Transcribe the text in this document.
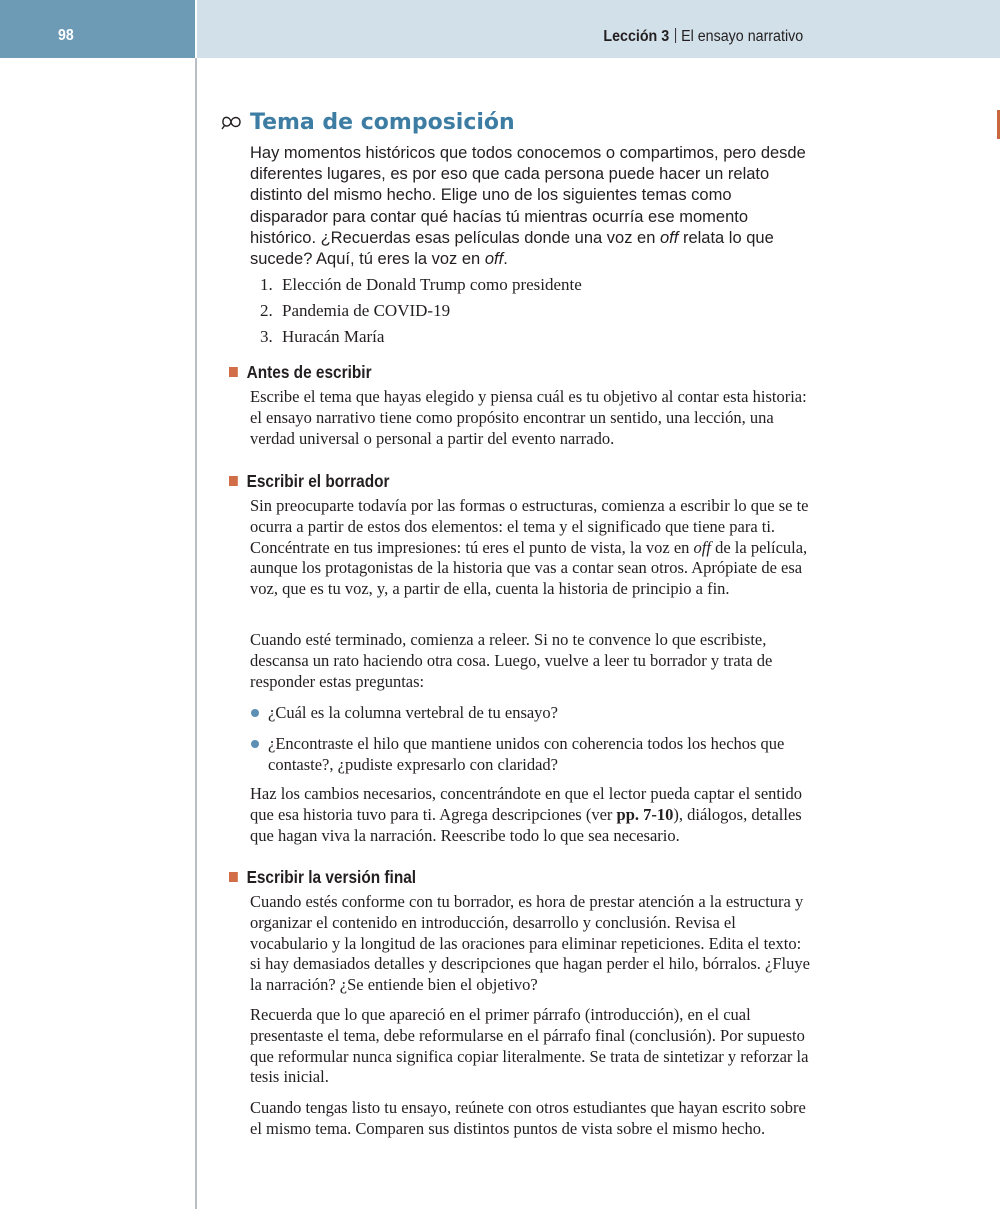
98	Lección 3 El ensayo narrativo
Tema de composición

Hay momentos históricos que todos conocemos o compartimos, pero desde diferentes lugares, es por eso que cada persona puede hacer un relato distinto del mismo hecho. Elige uno de los siguientes temas como disparador para contar qué hacías tú mientras ocurría ese momento histórico. ¿Recuerdas esas películas donde una voz en off relata lo que sucede? Aquí, tú eres la voz en off.

1. Elección de Donald Trump como presidente
2. Pandemia de COVID-19
3. Huracán María
Antes de escribir

Escribe el tema que hayas elegido y piensa cuál es tu objetivo al contar esta historia: el ensayo narrativo tiene como propósito encontrar un sentido, una lección, una verdad universal o personal a partir del evento narrado.

Escribir el borrador

Sin preocuparte todavía por las formas o estructuras, comienza a escribir lo que se te ocurra a partir de estos dos elementos: el tema y el significado que tiene para ti. Concéntrate en tus impresiones: tú eres el punto de vista, la voz en off de la película, aunque los protagonistas de la historia que vas a contar sean otros. Aprópiate de esa voz, que es tu voz, y, a partir de ella, cuenta la historia de principio a fin.

Cuando esté terminado, comienza a releer. Si no te convence lo que escribiste, descansa un rato haciendo otra cosa. Luego, vuelve a leer tu borrador y trata de responder estas preguntas:

¿Cuál es la columna vertebral de tu ensayo?
¿Encontraste el hilo que mantiene unidos con coherencia todos los hechos que contaste?, ¿pudiste expresarlo con claridad?

Haz los cambios necesarios, concentrándote en que el lector pueda captar el sentido que esa historia tuvo para ti. Agrega descripciones (ver pp. 7-10), diálogos, detalles que hagan viva la narración. Reescribe todo lo que sea necesario.

Escribir la versión final

Cuando estés conforme con tu borrador, es hora de prestar atención a la estructura y organizar el contenido en introducción, desarrollo y conclusión. Revisa el vocabulario y la longitud de las oraciones para eliminar repeticiones. Edita el texto: si hay demasiados detalles y descripciones que hagan perder el hilo, bórralos. ¿Fluye la narración? ¿Se entiende bien el objetivo?

Recuerda que lo que apareció en el primer párrafo (introducción), en el cual presentaste el tema, debe reformularse en el párrafo final (conclusión). Por supuesto que reformular nunca significa copiar literalmente. Se trata de sintetizar y reforzar la tesis inicial.

Cuando tengas listo tu ensayo, reúnete con otros estudiantes que hayan escrito sobre el mismo tema. Comparen sus distintos puntos de vista sobre el mismo hecho.
